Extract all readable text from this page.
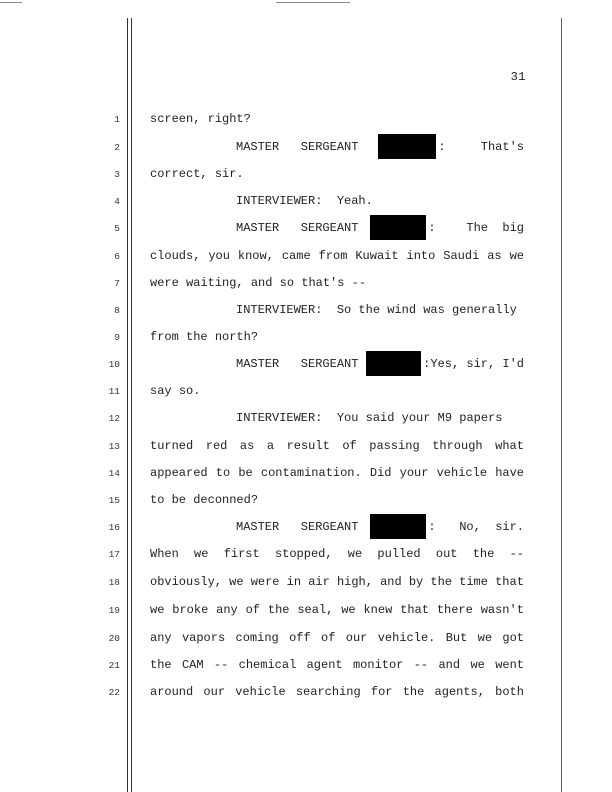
31
1	screen, right?
2	MASTER   SERGEANT	:	That's
3	correct, sir.
4	INTERVIEWER:  Yeah.
5	MASTER   SERGEANT	:	The  big
6	clouds, you know, came from Kuwait into Saudi as we
7	were waiting, and so that's --
8	INTERVIEWER:  So the wind was generally
9	from the north?
10	MASTER   SERGEANT	: Yes, sir, I'd
11	say so.
12	INTERVIEWER:  You said your M9 papers
13	turned red as a result of passing through what
14	appeared to be contamination. Did your vehicle have
15	to be deconned?
16	MASTER   SERGEANT	: No,  sir.
17	When we first stopped, we pulled out the --
18	obviously, we were in air high, and by the time that
19	we broke any of the seal, we knew that there wasn't
20	any vapors coming off of our vehicle. But we got
21	the CAM -- chemical agent monitor -- and we went
22	around our vehicle searching for the agents, both
